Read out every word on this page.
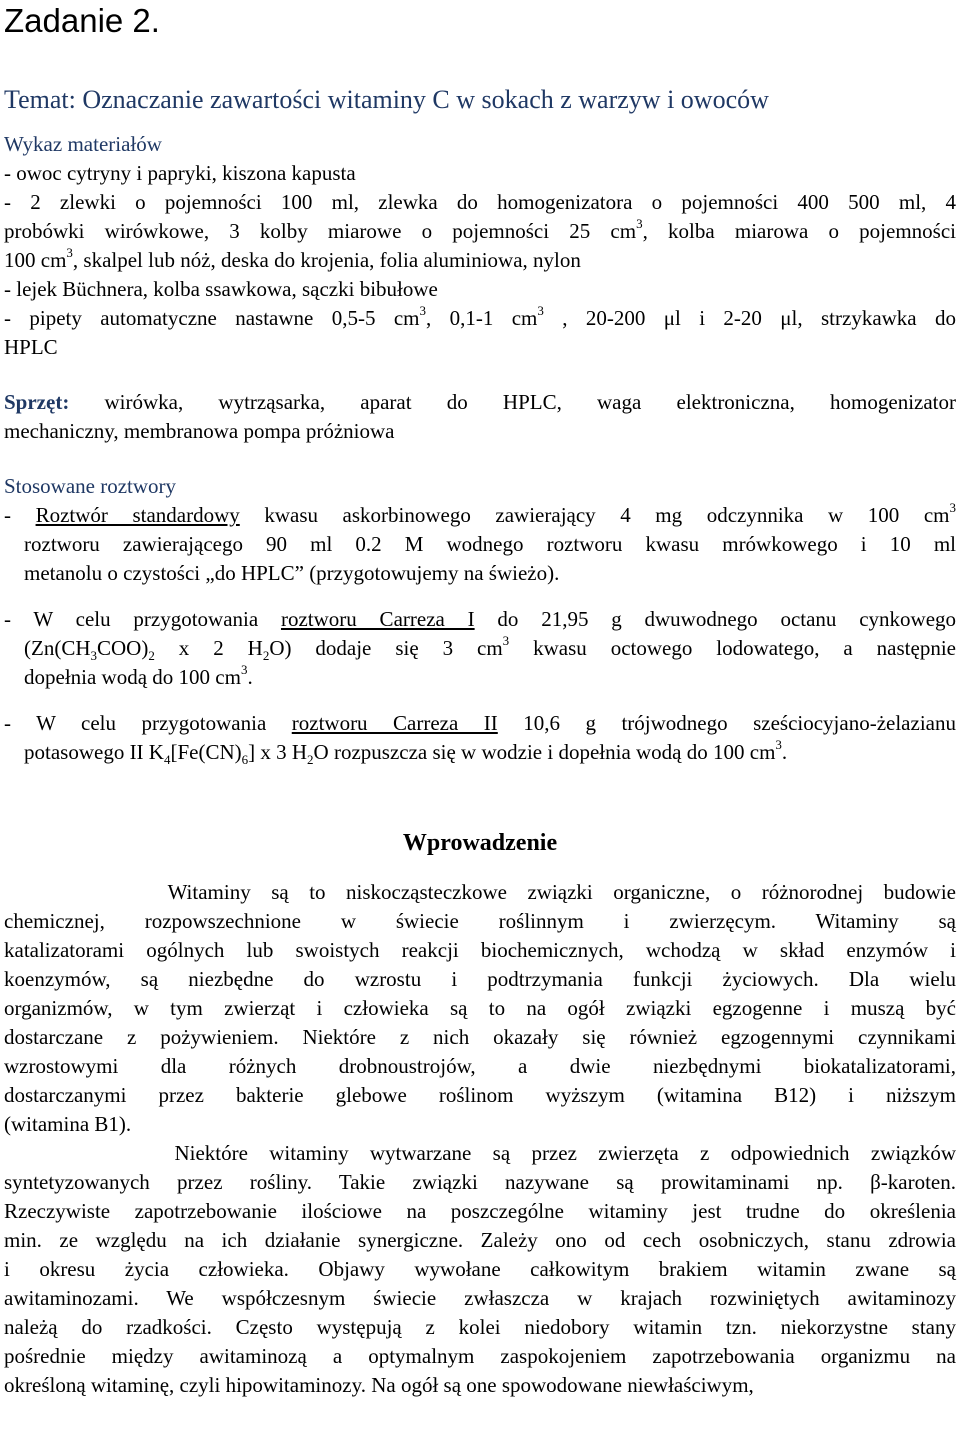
Zadanie 2.

Temat: Oznaczanie zawartości witaminy C w sokach z warzyw i owoców

Wykaz materiałów

- owoc cytryny i papryki, kiszona kapusta

- 2 zlewki o pojemności 100 ml, zlewka do homogenizatora o pojemności 400 500 ml, 4

probówki wirówkowe, 3 kolby miarowe o pojemności 25 $cm^3$, kolba miarowa o pojemności

100 $cm^3$, skalpel lub nóż, deska do krojenia, folia aluminiowa, nylon

- lejek Büchnera, kolba ssawkowa, sączki bibułowe

- pipety automatyczne nastawne 0,5-5 $cm^3$, 0,1-1 $cm^3$ , 20-200 μl i 2-20 μl, strzykawka do

HPLC

Sprzęt: wirówka, wytrząsarka, aparat do HPLC, waga elektroniczna, homogenizator

mechaniczny, membranowa pompa próżniowa

Stosowane roztwory

- Roztwór standardowy kwasu askorbinowego zawierający 4 mg odczynnika w 100 $cm^3$

roztworu zawierającego 90 ml 0.2 M wodnego roztworu kwasu mrówkowego i 10 ml

metanolu o czystości „do HPLC” (przygotowujemy na świeżo).

- W celu przygotowania roztworu Carreza I do 21,95 g dwuwodnego octanu cynkowego

($Zn(CH_3COO)_2$ x 2 $H_2O$) dodaje się 3 $cm^3$ kwasu octowego lodowatego, a następnie

dopełnia wodą do 100 $cm^3$.

- W celu przygotowania roztworu Carreza II 10,6 g trójwodnego sześciocyjano-żelazianu

potasowego II $K_4[Fe(CN)_6]$ x 3 $H_2O$ rozpuszcza się w wodzie i dopełnia wodą do 100 $cm^3$.

Wprowadzenie

Witaminy są to niskocząsteczkowe związki organiczne, o różnorodnej budowie

chemicznej, rozpowszechnione w świecie roślinnym i zwierzęcym. Witaminy są

katalizatorami ogólnych lub swoistych reakcji biochemicznych, wchodzą w skład enzymów i

koenzymów, są niezbędne do wzrostu i podtrzymania funkcji życiowych. Dla wielu

organizmów, w tym zwierząt i człowieka są to na ogół związki egzogenne i muszą być

dostarczane z pożywieniem. Niektóre z nich okazały się również egzogennymi czynnikami

wzrostowymi dla różnych drobnoustrojów, a dwie niezbędnymi biokatalizatorami,

dostarczanymi przez bakterie glebowe roślinom wyższym (witamina B12) i niższym

(witamina B1).

Niektóre witaminy wytwarzane są przez zwierzęta z odpowiednich związków

syntetyzowanych przez rośliny. Takie związki nazywane są prowitaminami np. β-karoten.

Rzeczywiste zapotrzebowanie ilościowe na poszczególne witaminy jest trudne do określenia

min. ze względu na ich działanie synergiczne. Zależy ono od cech osobniczych, stanu zdrowia

i okresu życia człowieka. Objawy wywołane całkowitym brakiem witamin zwane są

awitaminozami. We współczesnym świecie zwłaszcza w krajach rozwiniętych awitaminozy

należą do rzadkości. Często występują z kolei niedobory witamin tzn. niekorzystne stany

pośrednie między awitaminozą a optymalnym zaspokojeniem zapotrzebowania organizmu na

określoną witaminę, czyli hipowitaminozy. Na ogół są one spowodowane niewłaściwym,
